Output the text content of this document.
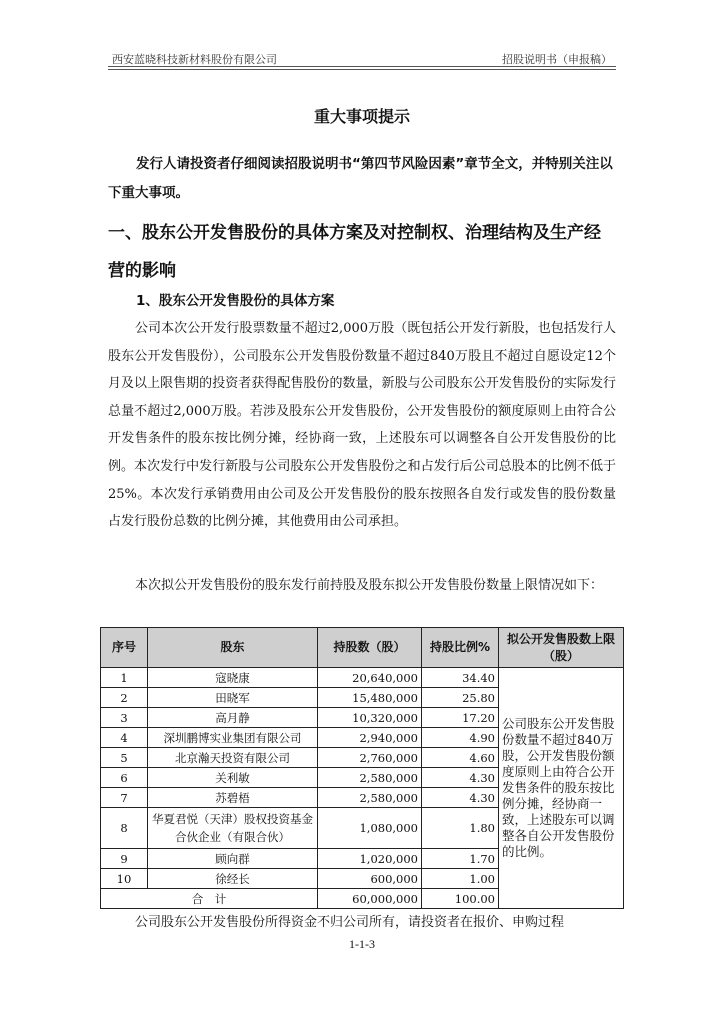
西安蓝晓科技新材料股份有限公司	招股说明书（申报稿）
重大事项提示

发行人请投资者仔细阅读招股说明书“第四节风险因素”章节全文，并特别关注以下重大事项。

一、股东公开发售股份的具体方案及对控制权、治理结构及生产经营的影响
1、股东公开发售股份的具体方案

公司本次公开发行股票数量不超过2,000万股（既包括公开发行新股，也包括发行人股东公开发售股份），公司股东公开发售股份数量不超过840万股且不超过自愿设定12个月及以上限售期的投资者获得配售股份的数量，新股与公司股东公开发售股份的实际发行总量不超过2,000万股。若涉及股东公开发售股份，公开发售股份的额度原则上由符合公开发售条件的股东按比例分摊，经协商一致，上述股东可以调整各自公开发售股份的比例。本次发行中发行新股与公司股东公开发售股份之和占发行后公司总股本的比例不低于25%。本次发行承销费用由公司及公开发售股份的股东按照各自发行或发售的股份数量占发行股份总数的比例分摊，其他费用由公司承担。

本次拟公开发售股份的股东发行前持股及股东拟公开发售股份数量上限情况如下：

序号	股东	持股数（股）	持股比例%	拟公开发售股数上限（股）
1	寇晓康	20,640,000	34.40	公司股东公开发售股份数量不超过840万股，公开发售股份额度原则上由符合公开发售条件的股东按比例分摊，经协商一致，上述股东可以调整各自公开发售股份的比例。
2	田晓军	15,480,000	25.80	
3	高月静	10,320,000	17.20	
4	深圳鹏博实业集团有限公司	2,940,000	4.90	
5	北京瀚天投资有限公司	2,760,000	4.60	
6	关利敏	2,580,000	4.30	
7	苏碧梧	2,580,000	4.30	
8	华夏君悦（天津）股权投资基金合伙企业（有限合伙）	1,080,000	1.80	
9	顾向群	1,020,000	1.70	
10	徐经长	600,000	1.00	
合　计		60,000,000	100.00	

公司股东公开发售股份所得资金不归公司所有，请投资者在报价、申购过程

1-1-3
